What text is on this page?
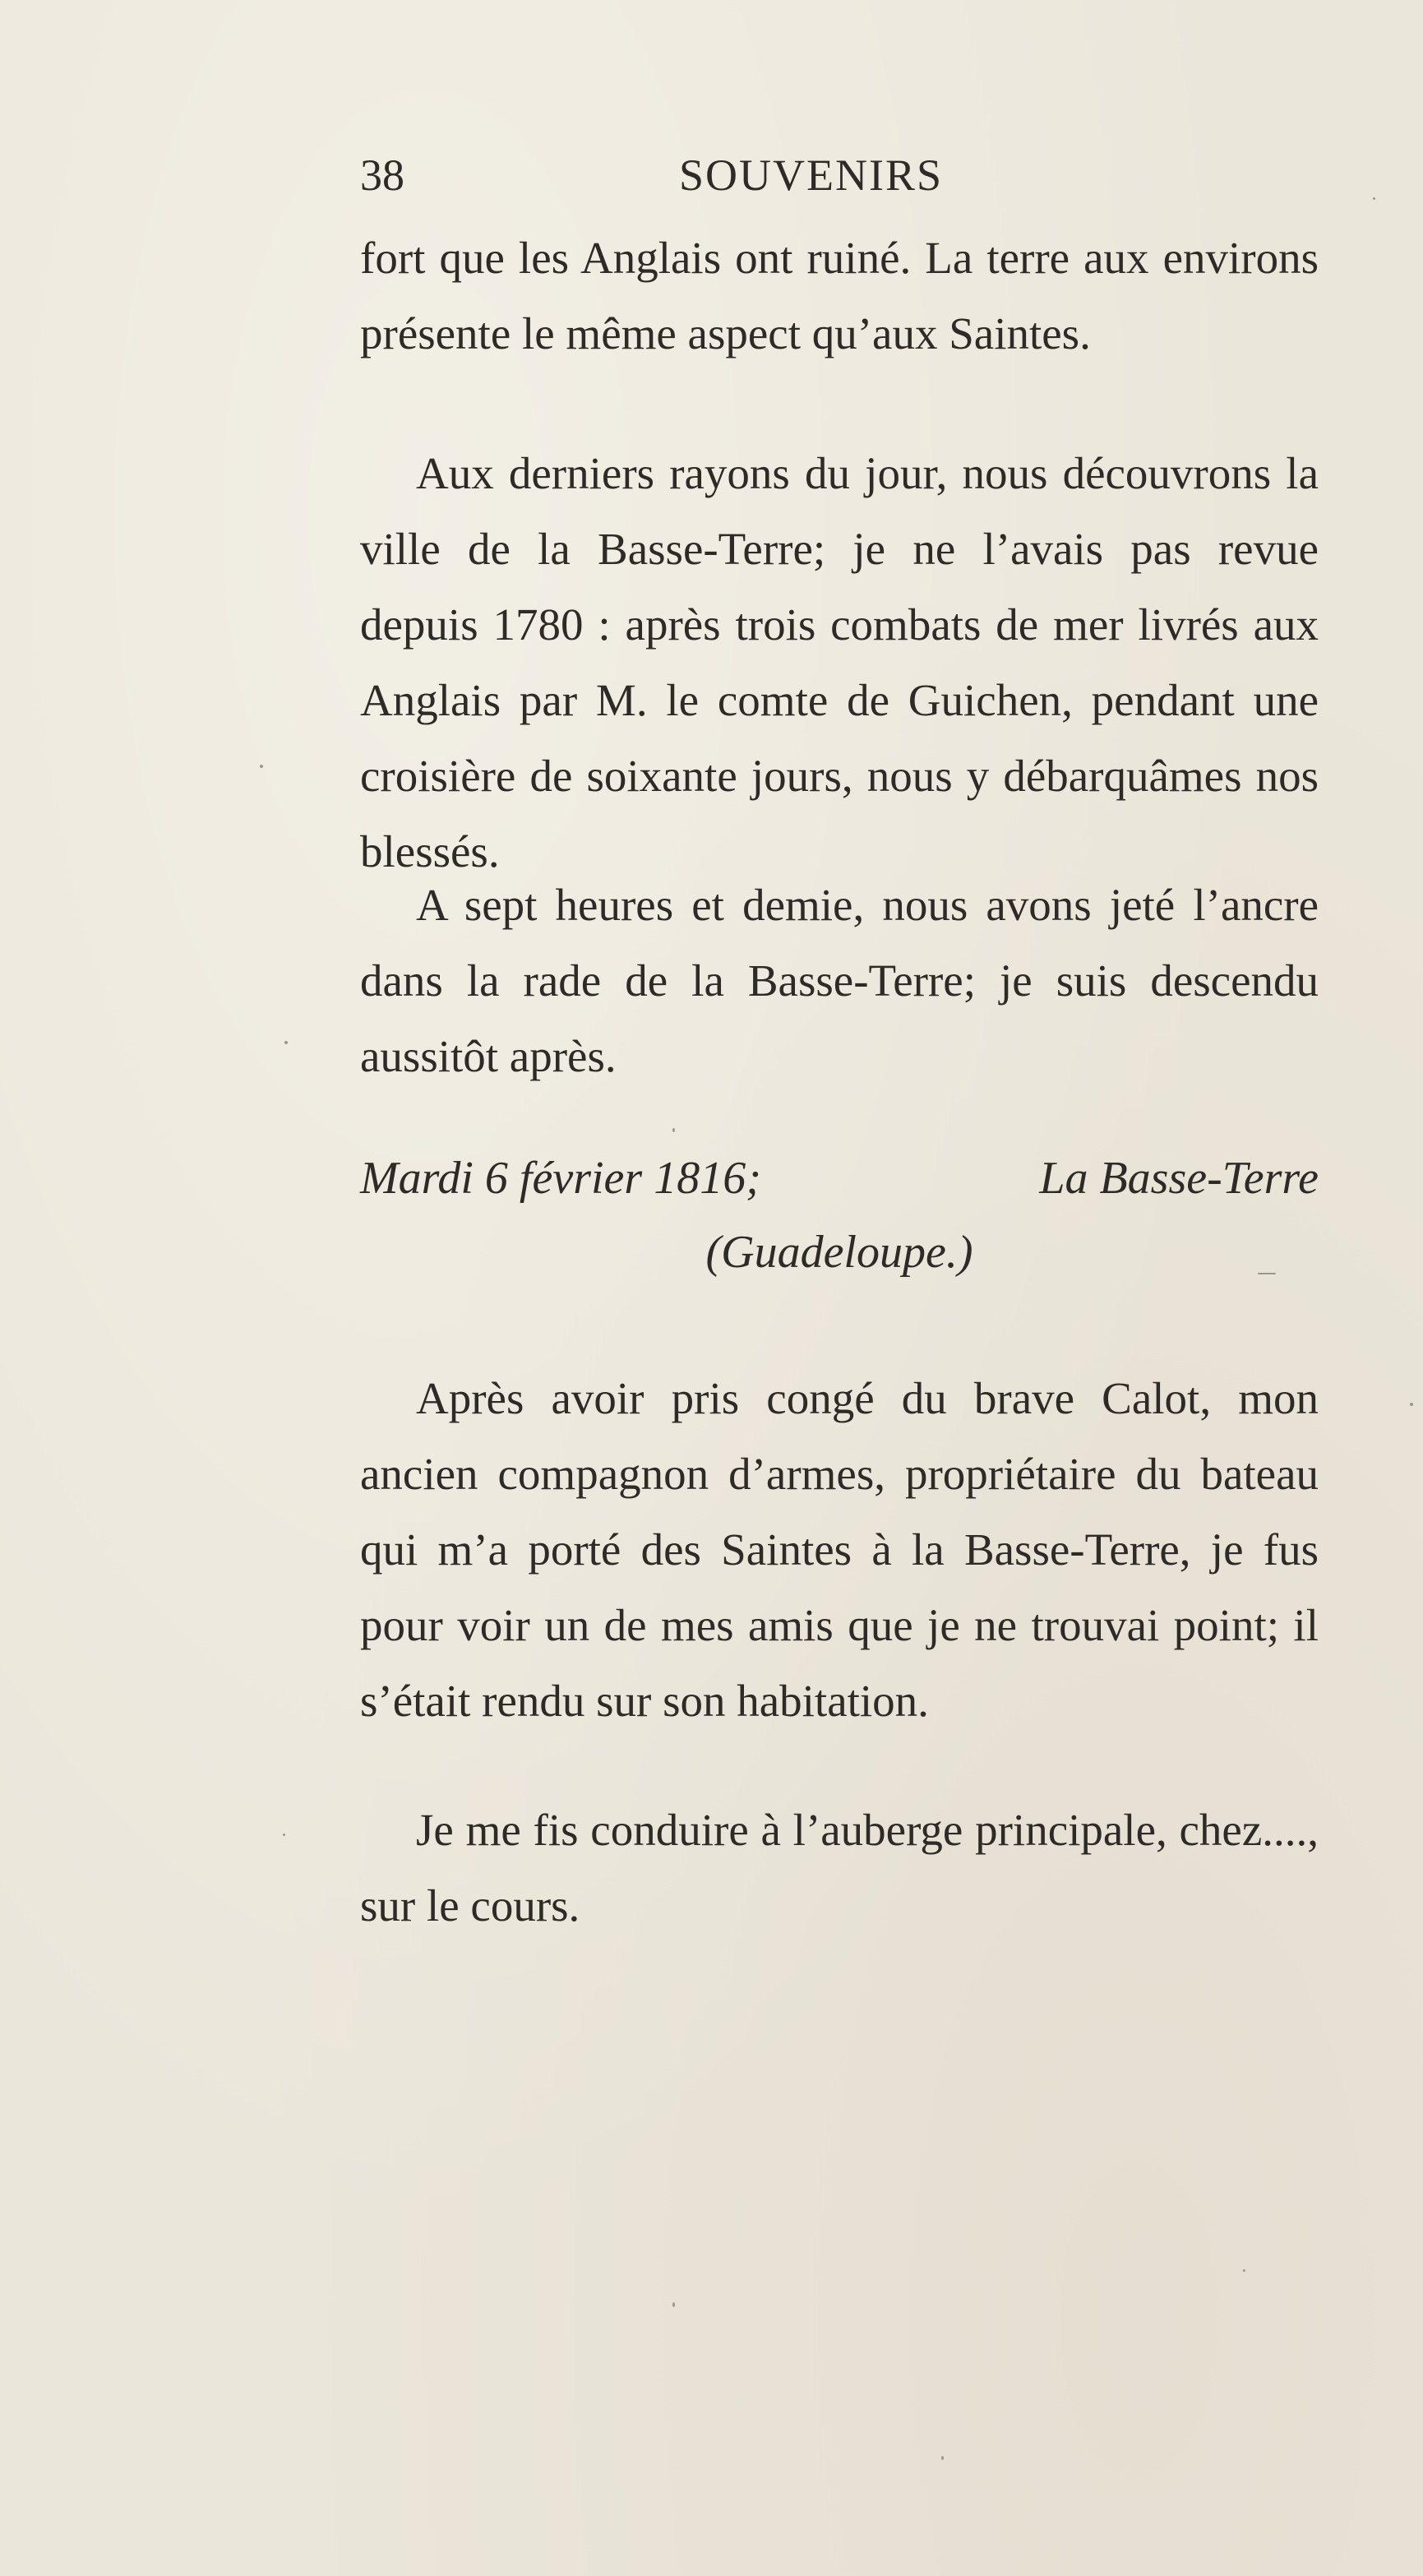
38	SOUVENIRS

fort que les Anglais ont ruiné. La terre aux environs présente le même aspect qu’aux Saintes.

Aux derniers rayons du jour, nous découvrons la ville de la Basse-Terre; je ne l’avais pas revue depuis 1780 : après trois combats de mer livrés aux Anglais par M. le comte de Guichen, pendant une croisière de soixante jours, nous y débarquâmes nos blessés.

A sept heures et demie, nous avons jeté l’ancre dans la rade de la Basse-Terre; je suis descendu aussitôt après.

Mardi 6 février 1816;	La Basse-Terre
(Guadeloupe.)

Après avoir pris congé du brave Calot, mon ancien compagnon d’armes, propriétaire du bateau qui m’a porté des Saintes à la Basse-Terre, je fus pour voir un de mes amis que je ne trouvai point; il s’était rendu sur son habitation.

Je me fis conduire à l’auberge principale, chez...., sur le cours.
